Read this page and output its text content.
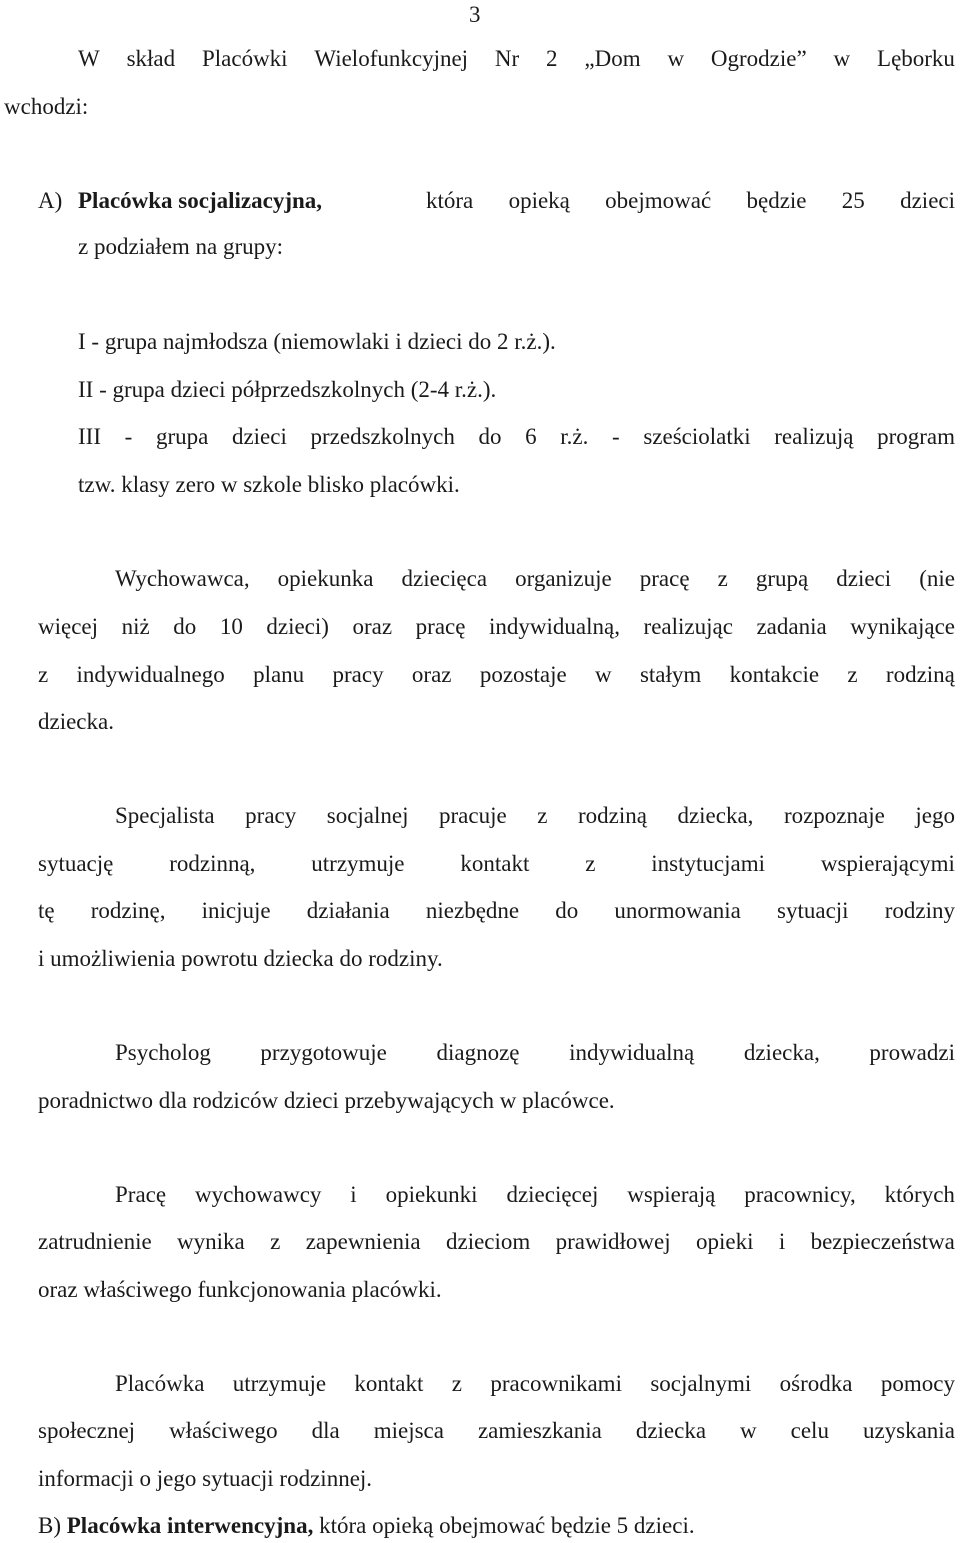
3
W skład Placówki Wielofunkcyjnej Nr 2 „Dom w Ogrodzie” w Lęborku
wchodzi:
A) Placówka socjalizacyjna,	która opieką obejmować będzie 25 dzieci
z podziałem na grupy:
I - grupa najmłodsza (niemowlaki i dzieci do 2 r.ż.).
II - grupa dzieci półprzedszkolnych (2-4 r.ż.).
III - grupa dzieci przedszkolnych do 6 r.ż. - sześciolatki realizują program
tzw. klasy zero w szkole blisko placówki.
Wychowawca, opiekunka dziecięca organizuje pracę z grupą dzieci (nie
więcej niż do 10 dzieci) oraz pracę indywidualną, realizując zadania wynikające
z indywidualnego planu pracy oraz pozostaje w stałym kontakcie z rodziną
dziecka.
Specjalista pracy socjalnej pracuje z rodziną dziecka, rozpoznaje jego
sytuację rodzinną, utrzymuje kontakt z instytucjami wspierającymi
tę rodzinę, inicjuje działania niezbędne do unormowania sytuacji rodziny
i umożliwienia powrotu dziecka do rodziny.
Psycholog przygotowuje diagnozę indywidualną dziecka, prowadzi
poradnictwo dla rodziców dzieci przebywających w placówce.
Pracę wychowawcy i opiekunki dziecięcej wspierają pracownicy, których
zatrudnienie wynika z zapewnienia dzieciom prawidłowej opieki i bezpieczeństwa
oraz właściwego funkcjonowania placówki.
Placówka utrzymuje kontakt z pracownikami socjalnymi ośrodka pomocy
społecznej właściwego dla miejsca zamieszkania dziecka w celu uzyskania
informacji o jego sytuacji rodzinnej.
B) Placówka interwencyjna, która opieką obejmować będzie 5 dzieci.
